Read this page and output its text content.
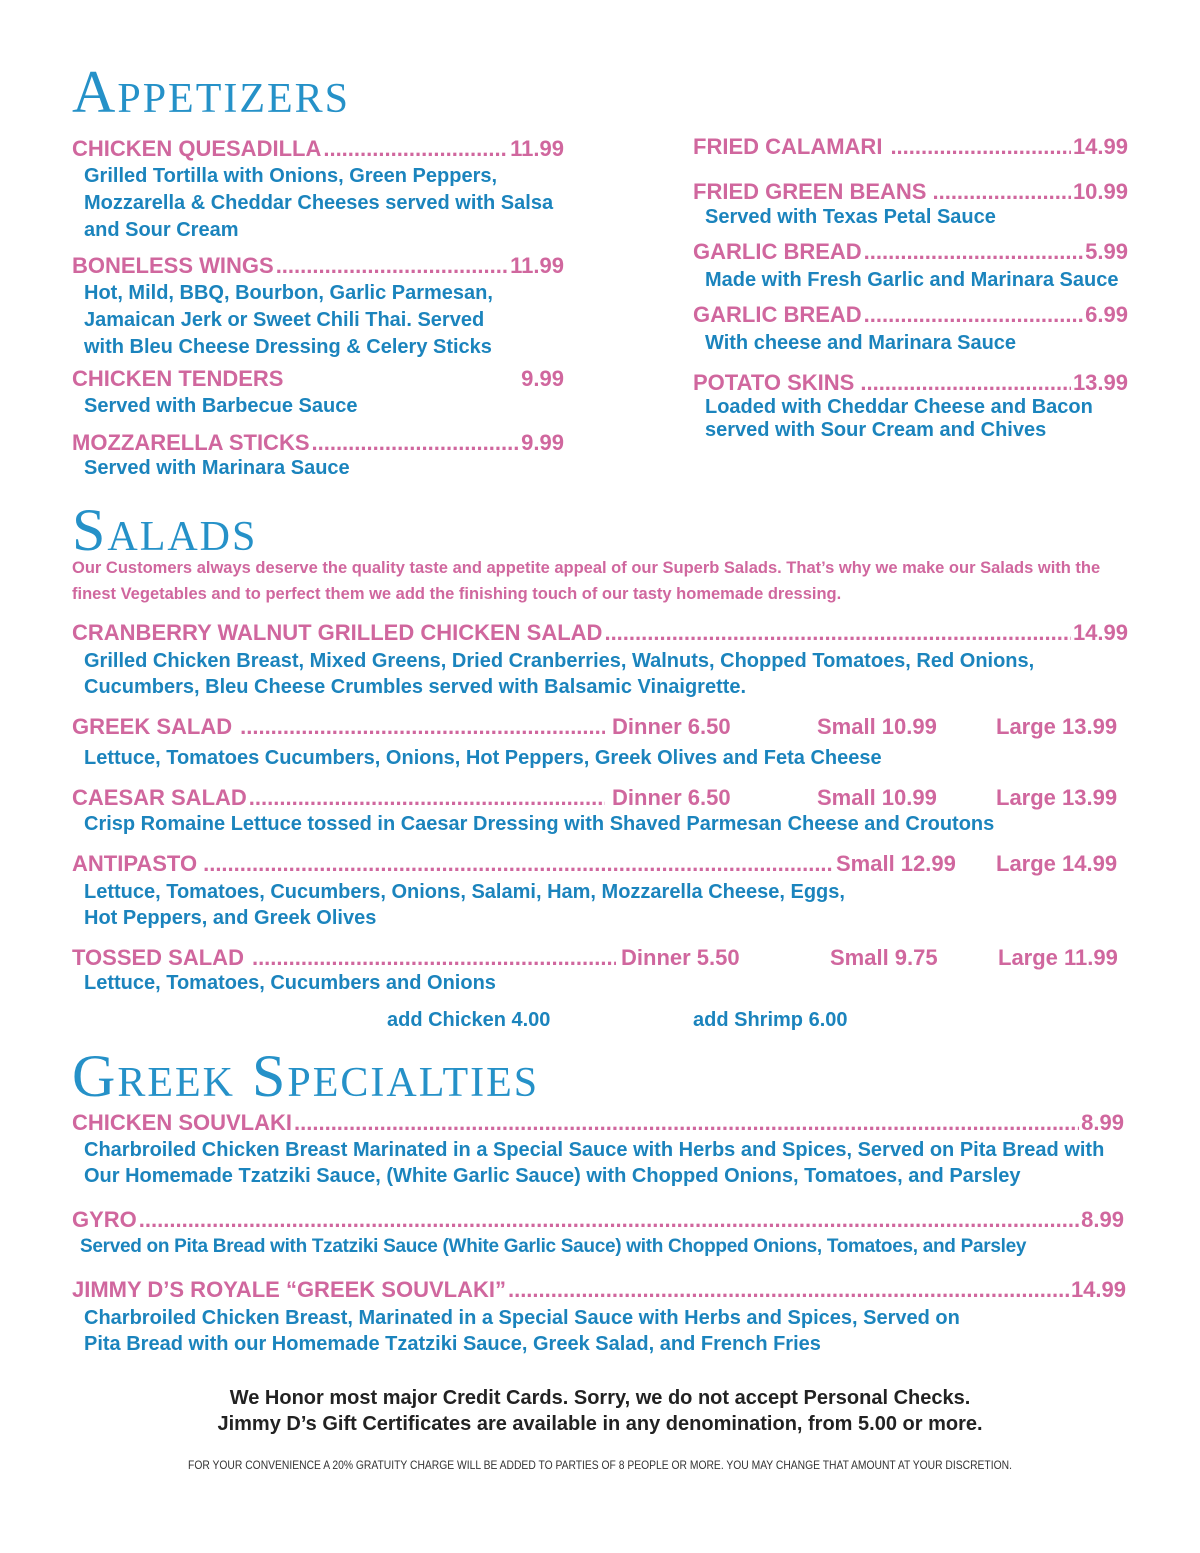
Appetizers
CHICKEN QUESADILLA .....	11.99
Grilled Tortilla with Onions, Green Peppers, Mozzarella & Cheddar Cheeses served with Salsa and Sour Cream
BONELESS WINGS .....	11.99
Hot, Mild, BBQ, Bourbon, Garlic Parmesan, Jamaican Jerk or Sweet Chili Thai. Served with Bleu Cheese Dressing & Celery Sticks
CHICKEN TENDERS	9.99
Served with Barbecue Sauce
MOZZARELLA STICKS .....	9.99
Served with Marinara Sauce
FRIED CALAMARI .....	14.99
FRIED GREEN BEANS .....	10.99
Served with Texas Petal Sauce
GARLIC BREAD .....	5.99
Made with Fresh Garlic and Marinara Sauce
GARLIC BREAD .....	6.99
With cheese and Marinara Sauce
POTATO SKINS .....	13.99
Loaded with Cheddar Cheese and Bacon served with Sour Cream and Chives
Salads
Our Customers always deserve the quality taste and appetite appeal of our Superb Salads. That’s why we make our Salads with the finest Vegetables and to perfect them we add the finishing touch of our tasty homemade dressing.
CRANBERRY WALNUT GRILLED CHICKEN SALAD .....	14.99
Grilled Chicken Breast, Mixed Greens, Dried Cranberries, Walnuts, Chopped Tomatoes, Red Onions, Cucumbers, Bleu Cheese Crumbles served with Balsamic Vinaigrette.
GREEK SALAD .....	Dinner 6.50	Small 10.99	Large 13.99
Lettuce, Tomatoes Cucumbers, Onions, Hot Peppers, Greek Olives and Feta Cheese
CAESAR SALAD .....	Dinner 6.50	Small 10.99	Large 13.99
Crisp Romaine Lettuce tossed in Caesar Dressing with Shaved Parmesan Cheese and Croutons
ANTIPASTO .....	Small 12.99 Large 14.99
Lettuce, Tomatoes, Cucumbers, Onions, Salami, Ham, Mozzarella Cheese, Eggs, Hot Peppers, and Greek Olives
TOSSED SALAD .....	Dinner 5.50	Small 9.75	Large 11.99
Lettuce, Tomatoes, Cucumbers and Onions
add Chicken 4.00	add Shrimp 6.00
Greek Specialties
CHICKEN SOUVLAKI .....	8.99
Charbroiled Chicken Breast Marinated in a Special Sauce with Herbs and Spices, Served on Pita Bread with Our Homemade Tzatziki Sauce, (White Garlic Sauce) with Chopped Onions, Tomatoes, and Parsley
GYRO .....	8.99
Served on Pita Bread with Tzatziki Sauce (White Garlic Sauce) with Chopped Onions, Tomatoes, and Parsley
JIMMY D’S ROYALE “GREEK SOUVLAKI” .....	14.99
Charbroiled Chicken Breast, Marinated in a Special Sauce with Herbs and Spices, Served on Pita Bread with our Homemade Tzatziki Sauce, Greek Salad, and French Fries
We Honor most major Credit Cards. Sorry, we do not accept Personal Checks.
Jimmy D’s Gift Certificates are available in any denomination, from 5.00 or more.
FOR YOUR CONVENIENCE A 20% GRATUITY CHARGE WILL BE ADDED TO PARTIES OF 8 PEOPLE OR MORE. YOU MAY CHANGE THAT AMOUNT AT YOUR DISCRETION.
